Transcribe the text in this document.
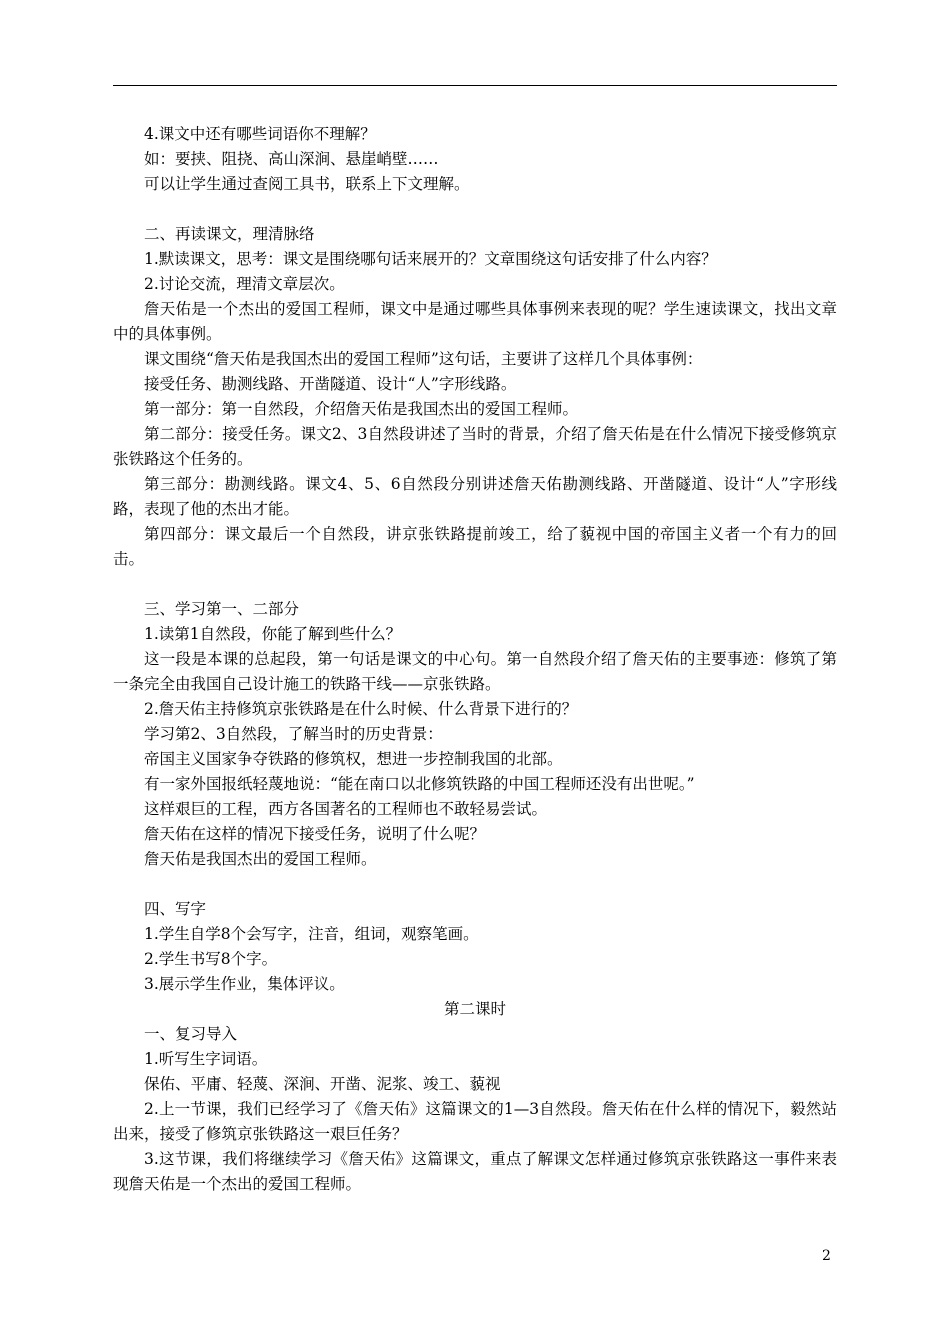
4.课文中还有哪些词语你不理解？

如：要挟、阻挠、高山深涧、悬崖峭壁……

可以让学生通过查阅工具书，联系上下文理解。

二、再读课文，理清脉络

1.默读课文，思考：课文是围绕哪句话来展开的？文章围绕这句话安排了什么内容？

2.讨论交流，理清文章层次。

詹天佑是一个杰出的爱国工程师，课文中是通过哪些具体事例来表现的呢？学生速读课文，找出文章中的具体事例。

课文围绕“詹天佑是我国杰出的爱国工程师”这句话，主要讲了这样几个具体事例：

接受任务、勘测线路、开凿隧道、设计“人”字形线路。

第一部分：第一自然段，介绍詹天佑是我国杰出的爱国工程师。

第二部分：接受任务。课文2、3自然段讲述了当时的背景，介绍了詹天佑是在什么情况下接受修筑京张铁路这个任务的。

第三部分：勘测线路。课文4、5、6自然段分别讲述詹天佑勘测线路、开凿隧道、设计“人”字形线路，表现了他的杰出才能。

第四部分：课文最后一个自然段，讲京张铁路提前竣工，给了藐视中国的帝国主义者一个有力的回击。

三、学习第一、二部分

1.读第1自然段，你能了解到些什么？

这一段是本课的总起段，第一句话是课文的中心句。第一自然段介绍了詹天佑的主要事迹：修筑了第一条完全由我国自己设计施工的铁路干线——京张铁路。

2.詹天佑主持修筑京张铁路是在什么时候、什么背景下进行的？

学习第2、3自然段，了解当时的历史背景：

帝国主义国家争夺铁路的修筑权，想进一步控制我国的北部。

有一家外国报纸轻蔑地说：“能在南口以北修筑铁路的中国工程师还没有出世呢。”

这样艰巨的工程，西方各国著名的工程师也不敢轻易尝试。

詹天佑在这样的情况下接受任务，说明了什么呢？

詹天佑是我国杰出的爱国工程师。

四、写字

1.学生自学8个会写字，注音，组词，观察笔画。

2.学生书写8个字。

3.展示学生作业，集体评议。

第二课时

一、复习导入

1.听写生字词语。

保佑、平庸、轻蔑、深涧、开凿、泥浆、竣工、藐视

2.上一节课，我们已经学习了《詹天佑》这篇课文的1—3自然段。詹天佑在什么样的情况下，毅然站出来，接受了修筑京张铁路这一艰巨任务？

3.这节课，我们将继续学习《詹天佑》这篇课文，重点了解课文怎样通过修筑京张铁路这一事件来表现詹天佑是一个杰出的爱国工程师。

2
